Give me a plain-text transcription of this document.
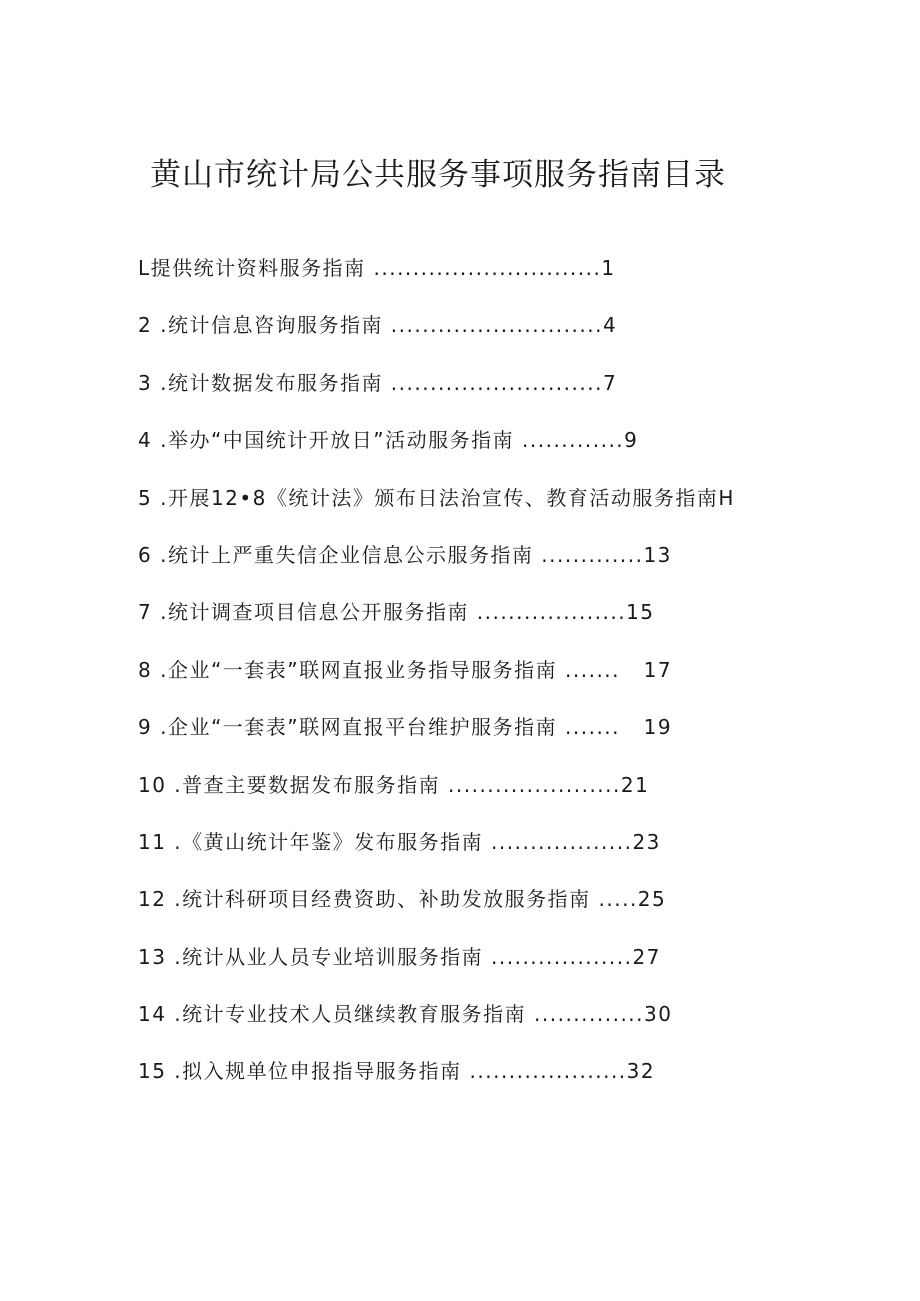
黄山市统计局公共服务事项服务指南目录
L提供统计资料服务指南 .............................1
2 .统计信息咨询服务指南 ...........................4
3 .统计数据发布服务指南 ...........................7
4 .举办“中国统计开放日”活动服务指南 .............9
5 .开展12•8《统计法》颁布日法治宣传、教育活动服务指南H
6 .统计上严重失信企业信息公示服务指南 .............13
7 .统计调查项目信息公开服务指南 ...................15
8 .企业“一套表”联网直报业务指导服务指南 .......   17
9 .企业“一套表”联网直报平台维护服务指南 .......   19
10 .普查主要数据发布服务指南 ......................21
11 .《黄山统计年鉴》发布服务指南 ..................23
12 .统计科研项目经费资助、补助发放服务指南 .....25
13 .统计从业人员专业培训服务指南 ..................27
14 .统计专业技术人员继续教育服务指南 ..............30
15 .拟入规单位申报指导服务指南 ....................32
